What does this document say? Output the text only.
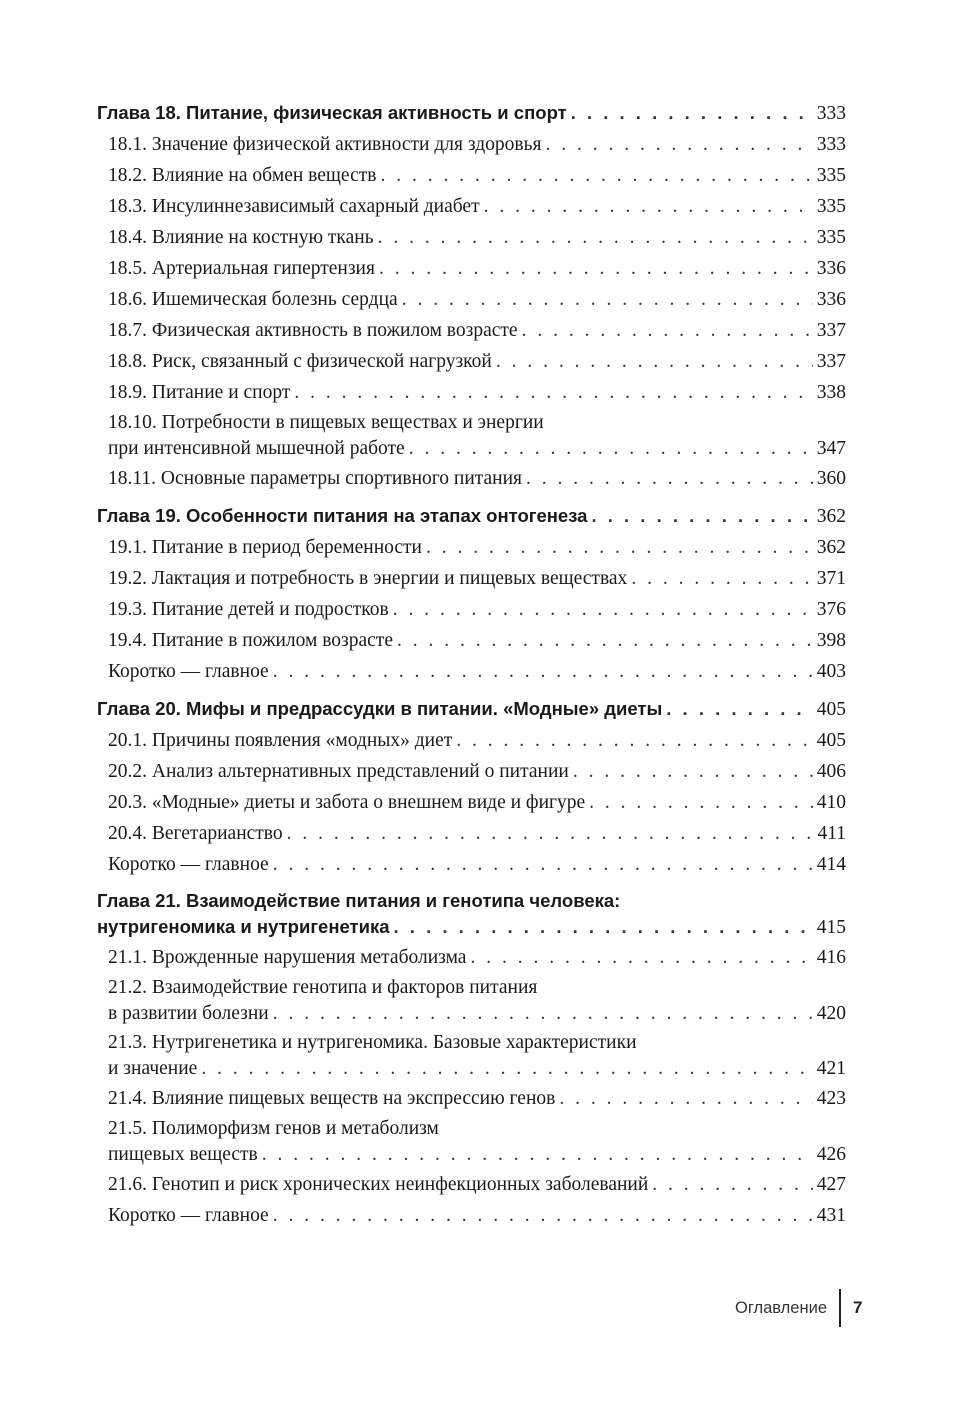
Глава 18. Питание, физическая активность и спорт . . .	333
18.1. Значение физической активности для здоровья . . .	333
18.2. Влияние на обмен веществ . . .	335
18.3. Инсулиннезависимый сахарный диабет . . .	335
18.4. Влияние на костную ткань . . .	335
18.5. Артериальная гипертензия . . .	336
18.6. Ишемическая болезнь сердца . . .	336
18.7. Физическая активность в пожилом возрасте . . .	337
18.8. Риск, связанный с физической нагрузкой . . .	337
18.9. Питание и спорт . . .	338
18.10. Потребности в пищевых веществах и энергии
при интенсивной мышечной работе . . .	347
18.11. Основные параметры спортивного питания . . .	360
Глава 19. Особенности питания на этапах онтогенеза . . .	362
19.1. Питание в период беременности . . .	362
19.2. Лактация и потребность в энергии и пищевых веществах . . .	371
19.3. Питание детей и подростков . . .	376
19.4. Питание в пожилом возрасте . . .	398
Коротко — главное . . .	403
Глава 20. Мифы и предрассудки в питании. «Модные» диеты . . .	405
20.1. Причины появления «модных» диет . . .	405
20.2. Анализ альтернативных представлений о питании . . .	406
20.3. «Модные» диеты и забота о внешнем виде и фигуре . . .	410
20.4. Вегетарианство . . .	411
Коротко — главное . . .	414
Глава 21. Взаимодействие питания и генотипа человека:
нутригеномика и нутригенетика . . .	415
21.1. Врожденные нарушения метаболизма . . .	416
21.2. Взаимодействие генотипа и факторов питания
в развитии болезни . . .	420
21.3. Нутригенетика и нутригеномика. Базовые характеристики
и значение . . .	421
21.4. Влияние пищевых веществ на экспрессию генов . . .	423
21.5. Полиморфизм генов и метаболизм
пищевых веществ . . .	426
21.6. Генотип и риск хронических неинфекционных заболеваний . . .	427
Коротко — главное . . .	431
Оглавление 7
